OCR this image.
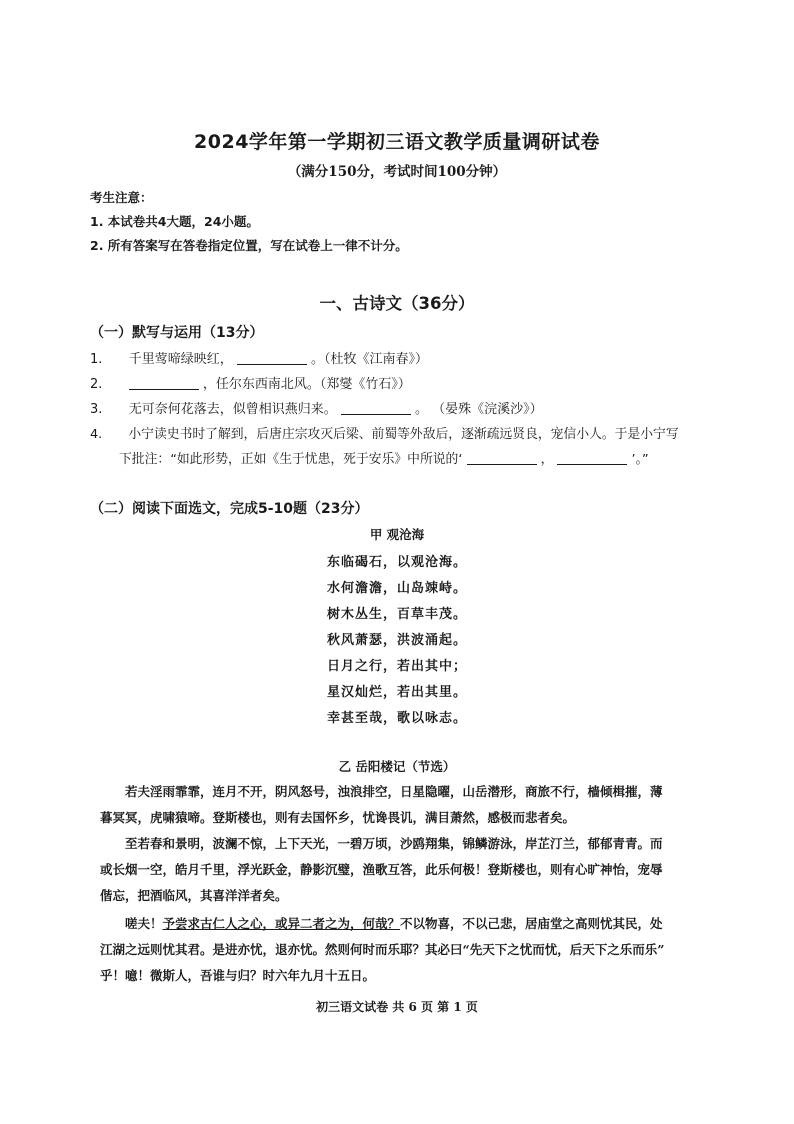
2024学年第一学期初三语文教学质量调研试卷
（满分150分，考试时间100分钟）
考生注意：
1. 本试卷共4大题，24小题。
2. 所有答案写在答卷指定位置，写在试卷上一律不计分。
一、古诗文（36分）
（一）默写与运用（13分）
1. 千里莺啼绿映红，	。（杜牧《江南春》）
2.	，任尔东西南北风。（郑燮《竹石》）
3. 无可奈何花落去，似曾相识燕归来。	。 （晏殊《浣溪沙》）
4. 小宁读史书时了解到，后唐庄宗攻灭后梁、前蜀等外敌后，逐渐疏远贤良，宠信小人。于是小宁写
下批注：“如此形势，正如《生于忧患，死于安乐》中所说的‘	，	’。”
（二）阅读下面选文，完成5-10题（23分）
甲 观沧海
东临碣石，以观沧海。
水何澹澹，山岛竦峙。
树木丛生，百草丰茂。
秋风萧瑟，洪波涌起。
日月之行，若出其中；
星汉灿烂，若出其里。
幸甚至哉，歌以咏志。
乙 岳阳楼记（节选）
　　若夫淫雨霏霏，连月不开，阴风怒号，浊浪排空，日星隐曜，山岳潜形，商旅不行，樯倾楫摧，薄
暮冥冥，虎啸猿啼。登斯楼也，则有去国怀乡，忧谗畏讥，满目萧然，感极而悲者矣。
　　至若春和景明，波澜不惊，上下天光，一碧万顷，沙鸥翔集，锦鳞游泳，岸芷汀兰，郁郁青青。而
或长烟一空，皓月千里，浮光跃金，静影沉璧，渔歌互答，此乐何极！登斯楼也，则有心旷神怡，宠辱
偕忘，把酒临风，其喜洋洋者矣。
　　嗟夫！予尝求古仁人之心，或异二者之为，何哉？不以物喜，不以己悲，居庙堂之高则忧其民，处
江湖之远则忧其君。是进亦忧，退亦忧。然则何时而乐耶？其必曰“先天下之忧而忧，后天下之乐而乐”
乎！噫！微斯人，吾谁与归？时六年九月十五日。
初三语文试卷 共 6 页 第 1 页
